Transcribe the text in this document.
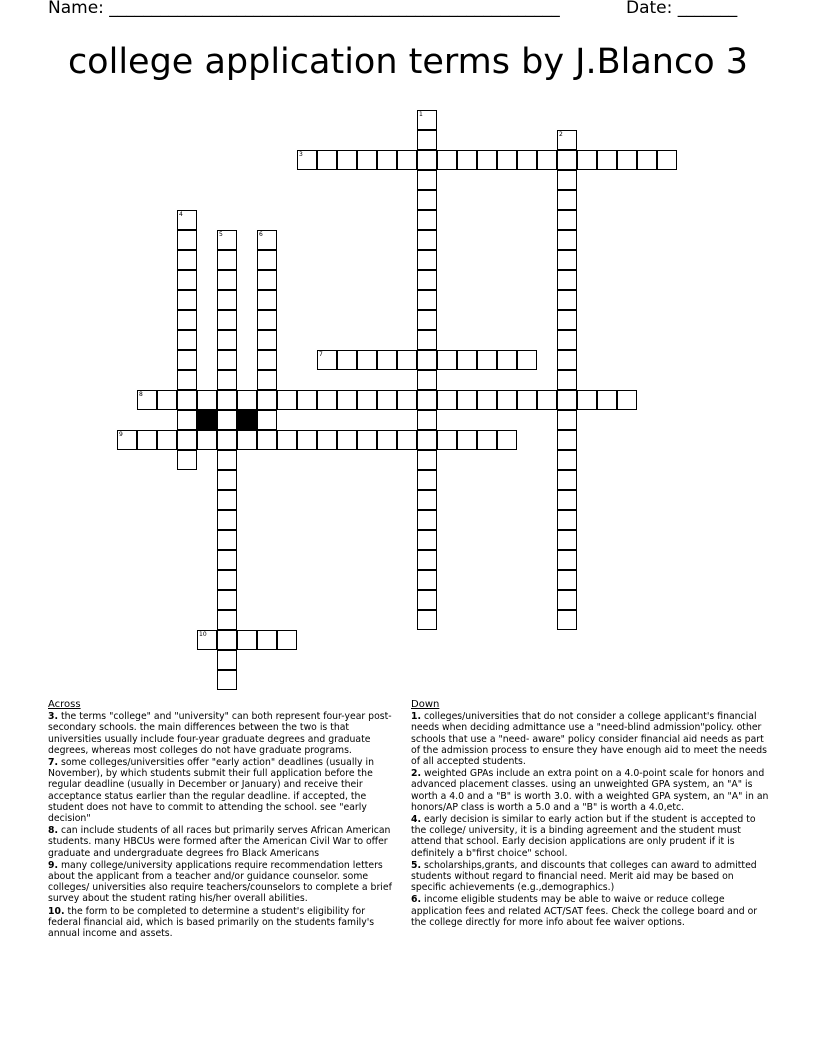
Name: _____________________________________________________	Date: _______
college application terms by J.Blanco 3
1
2
3
4
5	6
7
8
9
10
Across
3. the terms "college" and "university" can both represent four-year post-secondary schools. the main differences between the two is that universities usually include four-year graduate degrees and graduate degrees, whereas most colleges do not have graduate programs.
7. some colleges/universities offer "early action" deadlines (usually in November), by which students submit their full application before the regular deadline (usually in December or January) and receive their acceptance status earlier than the regular deadline. if accepted, the student does not have to commit to attending the school. see "early decision"
8. can include students of all races but primarily serves African American students. many HBCUs were formed after the American Civil War to offer graduate and undergraduate degrees fro Black Americans
9. many college/university applications require recommendation letters about the applicant from a teacher and/or guidance counselor. some colleges/ universities also require teachers/counselors to complete a brief survey about the student rating his/her overall abilities.
10. the form to be completed to determine a student's eligibility for federal financial aid, which is based primarily on the students family's annual income and assets.
Down
1. colleges/universities that do not consider a college applicant's financial needs when deciding admittance use a "need-blind admission"policy. other schools that use a "need- aware" policy consider financial aid needs as part of the admission process to ensure they have enough aid to meet the needs of all accepted students.
2. weighted GPAs include an extra point on a 4.0-point scale for honors and advanced placement classes. using an unweighted GPA system, an "A" is worth a 4.0 and a "B" is worth 3.0. with a weighted GPA system, an "A" in an honors/AP class is worth a 5.0 and a "B" is worth a 4.0,etc.
4. early decision is similar to early action but if the student is accepted to the college/ university, it is a binding agreement and the student must attend that school. Early decision applications are only prudent if it is definitely a b"first choice" school.
5. scholarships,grants, and discounts that colleges can award to admitted students without regard to financial need. Merit aid may be based on specific achievements (e.g.,demographics.)
6. income eligible students may be able to waive or reduce college application fees and related ACT/SAT fees. Check the college board and or the college directly for more info about fee waiver options.
